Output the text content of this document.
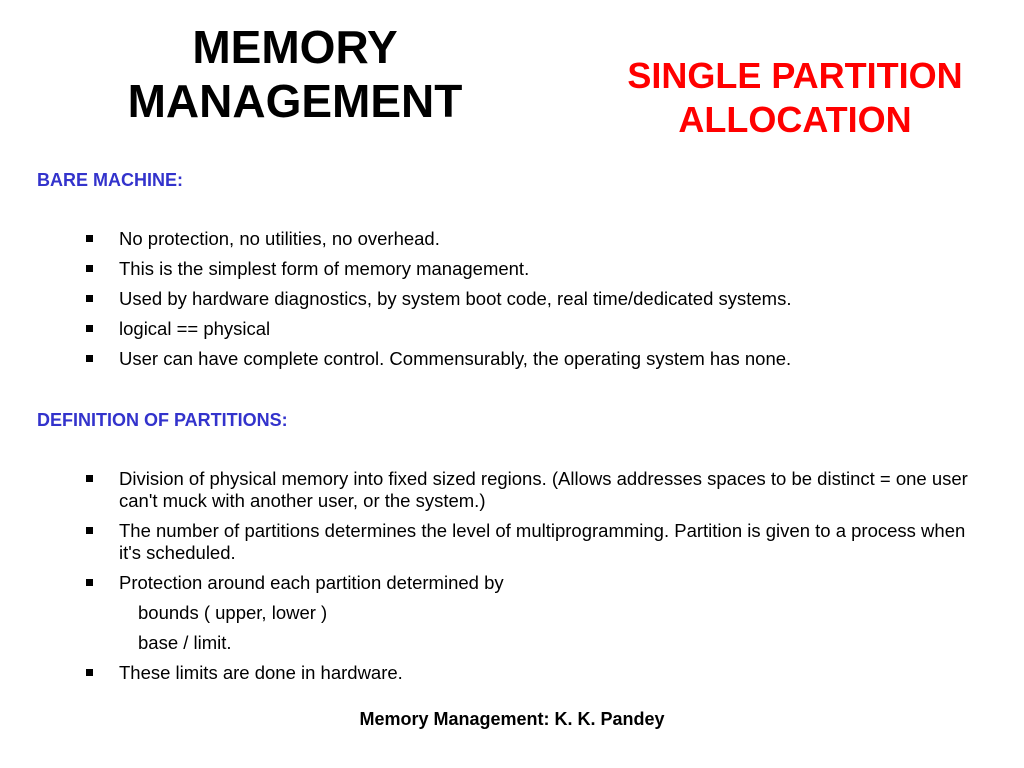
MEMORY
MANAGEMENT	SINGLE PARTITION
ALLOCATION
BARE MACHINE:
No protection, no utilities, no overhead.
This is the simplest form of memory management.
Used by hardware diagnostics, by system boot code, real time/dedicated systems.
logical == physical
User can have complete control. Commensurably, the operating system has none.
DEFINITION OF PARTITIONS:
Division of physical memory into fixed sized regions. (Allows addresses spaces to be distinct = one user can't muck with another user, or the system.)
The number of partitions determines the level of multiprogramming. Partition is given to a process when it's scheduled.
Protection around each partition determined by
bounds ( upper, lower )
base / limit.
These limits are done in hardware.
Memory Management: K. K. Pandey
